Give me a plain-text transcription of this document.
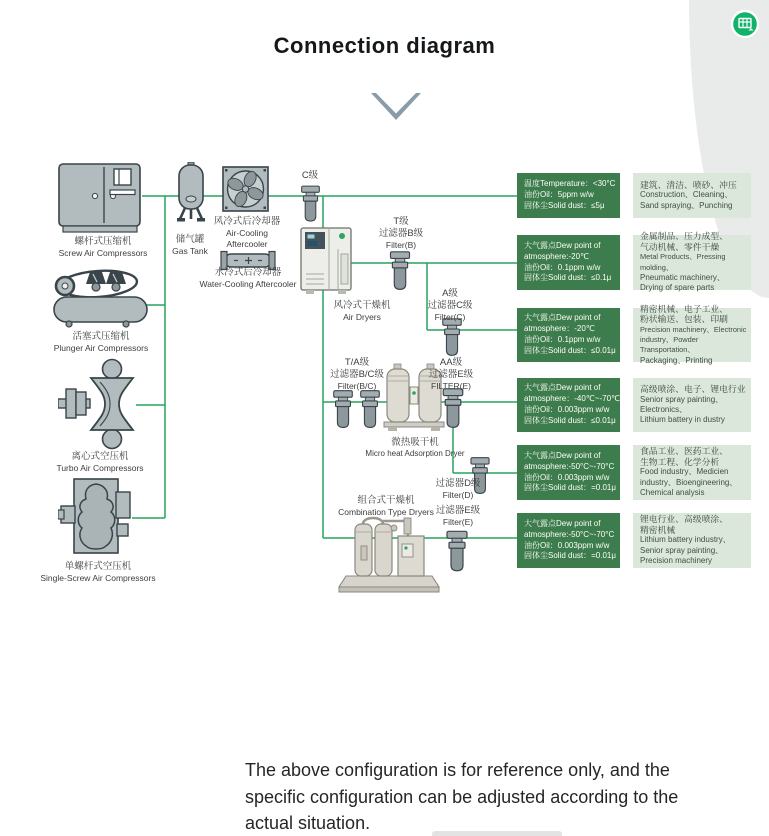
Connection diagram
螺杆式压缩机
Screw Air Compressors
储气罐
Gas Tank
风冷式后冷却器
Air-Cooling
Aftercooler
水冷式后冷却器
Water-Cooling Aftercooler
活塞式压缩机
Plunger Air Compressors
离心式空压机
Turbo Air Compressors
单螺杆式空压机
Single-Screw Air Compressors
C级
风冷式干燥机
Air Dryers
T级
过滤器B级
Filter(B)
A级
过滤器C级
Filter(C)
T/A级
过滤器B/C级
Filter(B/C)
AA级
过滤器E级
FILTER(E)
微热吸干机
Micro heat Adsorption Dryer
过滤器D级
Filter(D)
组合式干燥机
Combination Type Dryers 过滤器E级
Filter(E)
温度Temperature：<30°C
油份Oil：5ppm w/w
固体尘Solid dust：≤5μ
建筑、清洁、喷砂、冲压
Construction、Cleaning、
Sand spraying、Punching
大气露点Dew point of
atmosphere:-20℃
油份Oil：0.1ppm w/w
固体尘Solid dust：≤0.1μ
金属制品、压力成型、
气动机械、零件干燥
Metal Products、Pressing molding、
Pneumatic machinery、
Drying of spare parts
大气露点Dew point of
atmosphere：-20℃
油份Oil：0.1ppm w/w
固体尘Solid dust：≤0.01μ
精密机械、电子工业、
粉状输送、包装、印刷
Precision machinery、Electronic
industry、Powder Transportation、
Packaging、Printing
大气露点Dew point of
atmosphere：-40℃~-70℃
油份Oil：0.003ppm w/w
固体尘Solid dust：≤0.01μ
高级喷涂、电子、锂电行业
Senior spray painting、
Electronics、
Lithium battery in dustry
大气露点Dew point of
atmosphere:-50°C~-70°C
油份Oil：0.003ppm w/w
固体尘Solid dust：=0.01μ
食品工业、医药工业、
生物工程、化学分析
Food industry、Medicien
industry、Bioengineering、
Chemical analysis
大气露点Dew point of
atmosphere:-50°C~-70°C
油份Oil：0.003ppm w/w
固体尘Solid dust：=0.01μ
锂电行业、高级喷涂、
精密机械
Lithium battery industry、
Senior spray painting、
Precision machinery
The above configuration is for reference only, and the
specific configuration can be adjusted according to the
actual situation.
